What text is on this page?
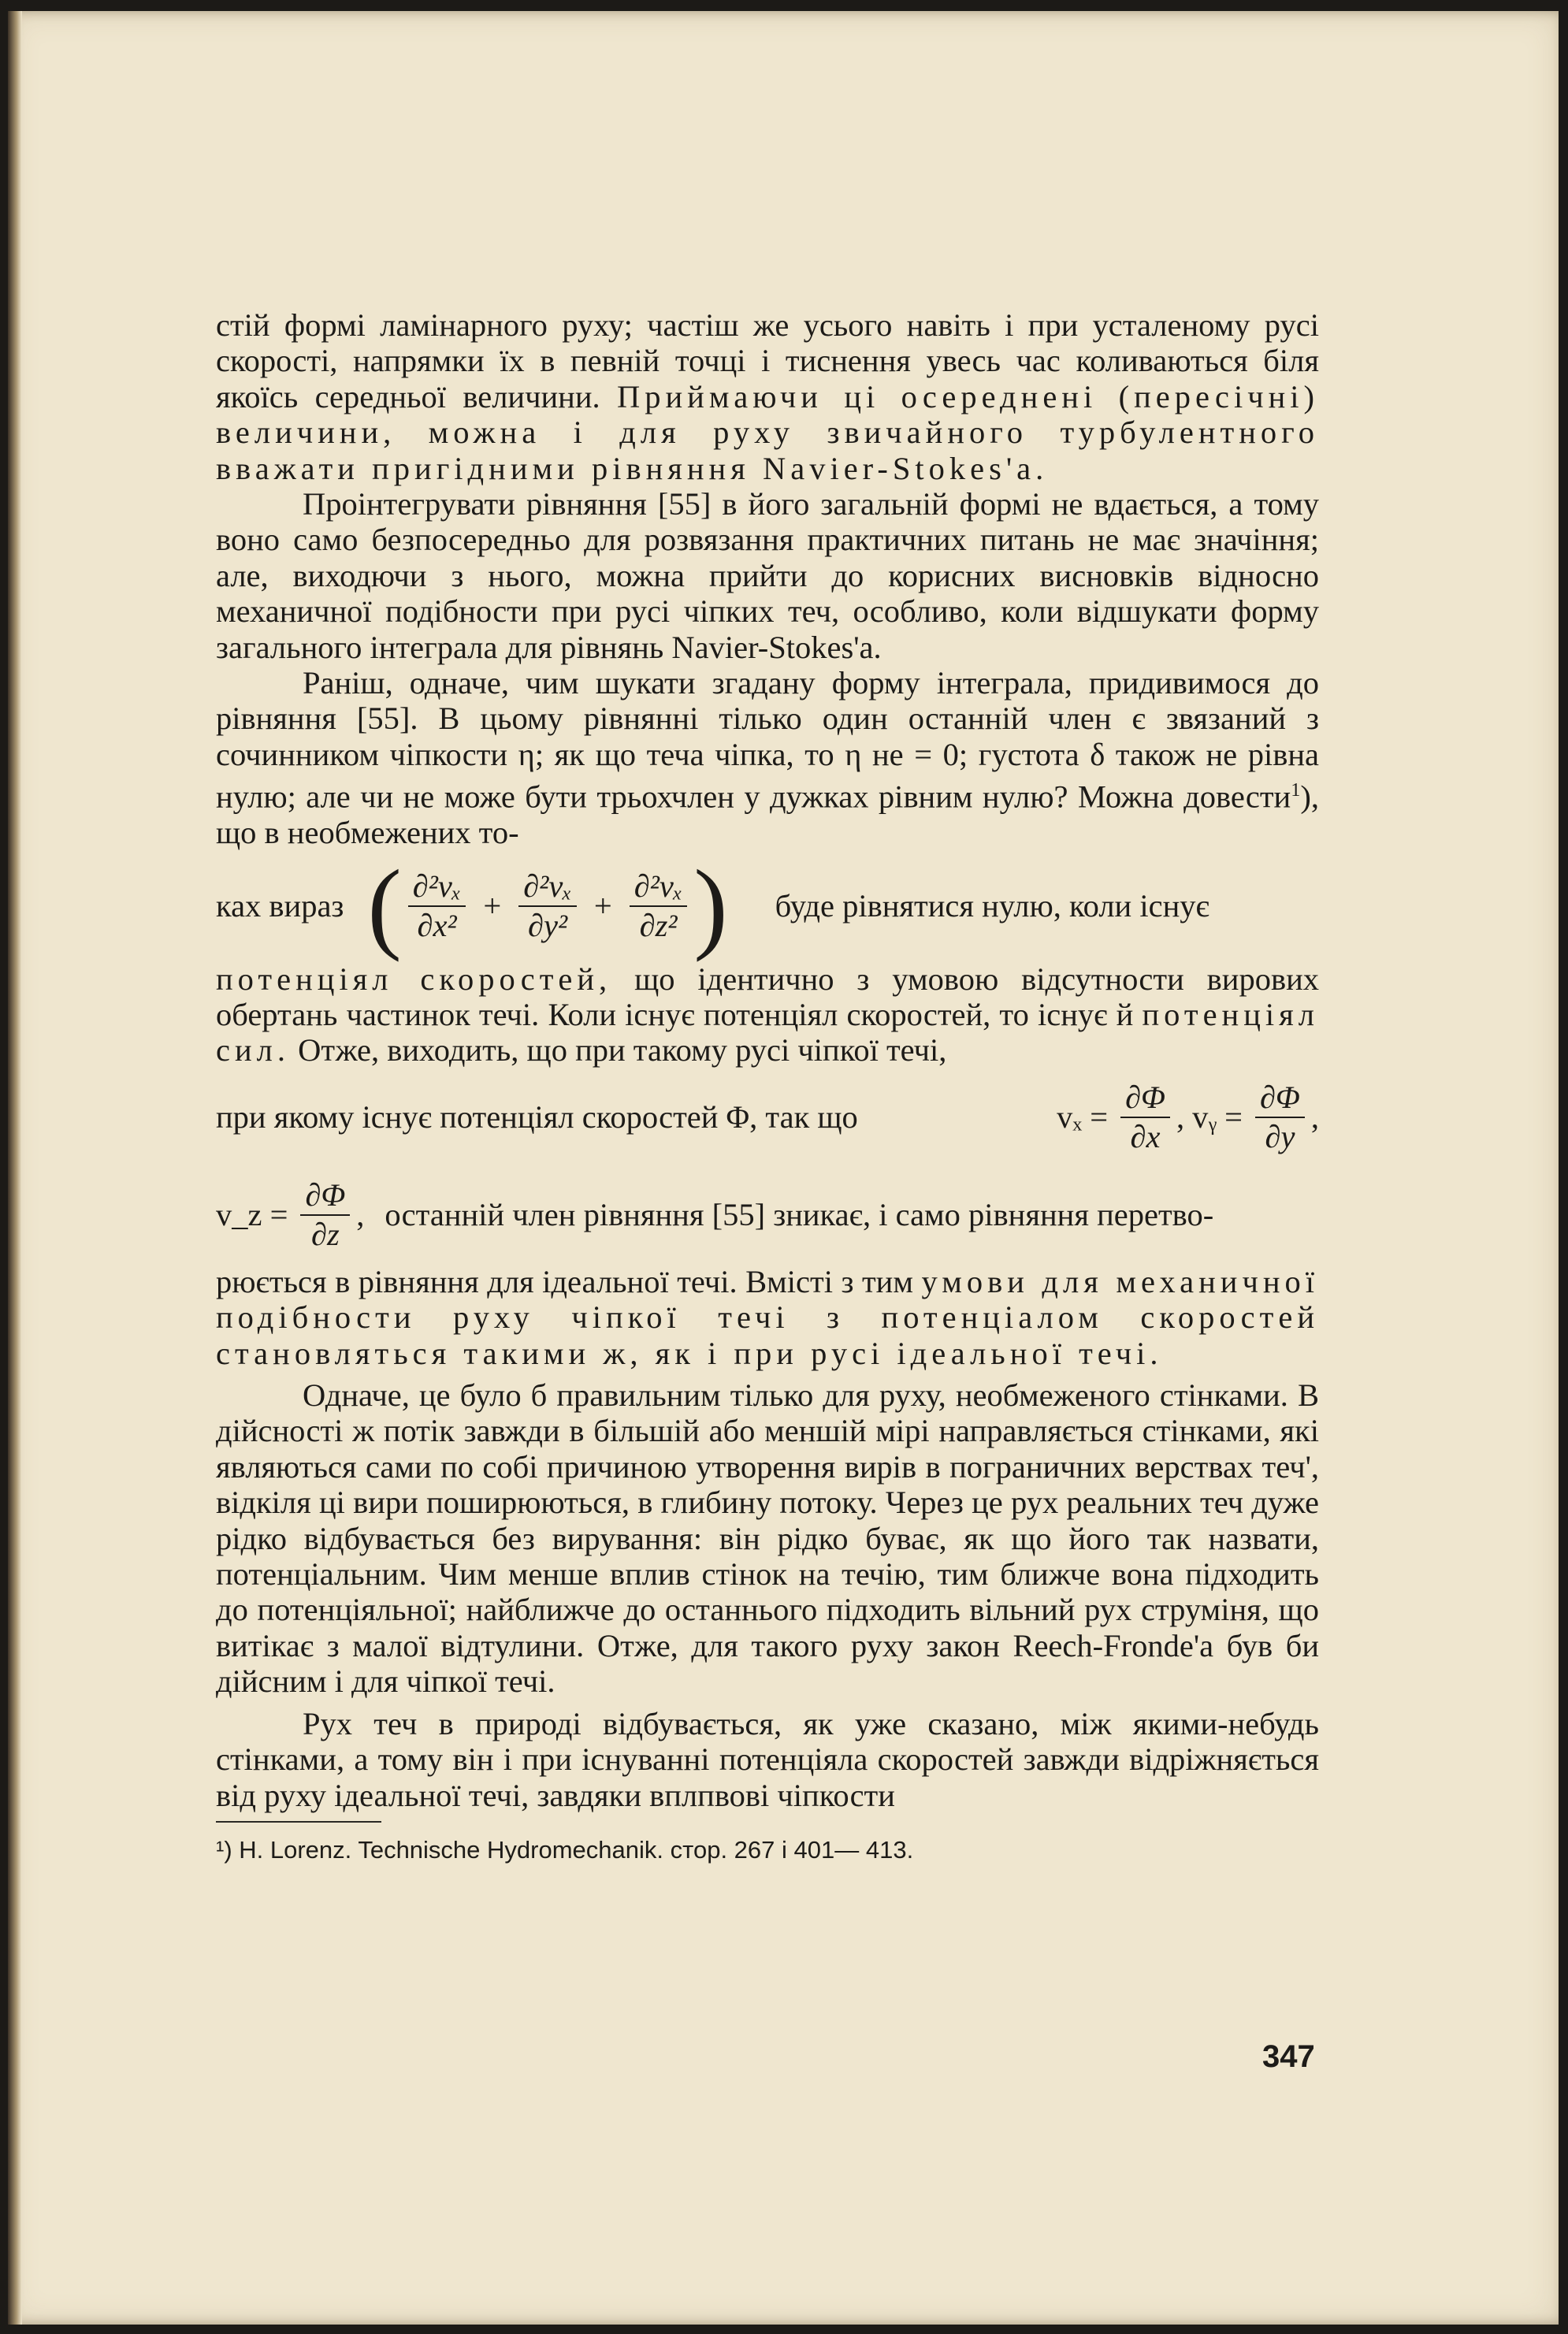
стій формі ламінарного руху; частіш же усього навіть і при усталеному русі скорості, напрямки їх в певній точці і тиснення увесь час коливаються біля якоїсь середньої величини. Приймаючи ці осереднені (пересічні) величини, можна і для руху звичайного турбулентного вважати пригідними рівняння Navier-Stokes'а.

Проінтегрувати рівняння [55] в його загальній формі не вдається, а тому воно само безпосередньо для розвязання практичних питань не має значіння; але, виходючи з нього, можна прийти до корисних висновків відносно механичної подібности при русі чіпких теч, особливо, коли відшукати форму загального інтеграла для рівнянь Navier-Stokes'а.

Раніш, одначе, чим шукати згадану форму інтеграла, придивимося до рівняння [55]. В цьому рівнянні тілько один останній член є звязаний з сочинником чіпкости η; як що теча чіпка, то η не = 0; густота δ також не рівна нулю; але чи не може бути трьохчлен у дужках рівним нулю? Можна довести$^1$), що в необмежених то-

ках вираз ( $\frac{\text{∂²vₓ}}{\text{∂x²}} + \frac{\text{∂²vₓ}}{\text{∂y²}} + \frac{\text{∂²vₓ}}{\text{∂z²}}$ ) буде рівнятися нулю, коли існує

потенціял скоростей, що ідентично з умовою відсутности вирових обертань частинок течі. Коли існує потенціял скоростей, то існує й потенціял сил. Отже, виходить, що при такому русі чіпкої течі,

при якому існує потенціял скоростей Φ, так що	$v_x = \frac{\partial\Phi}{\partial x}$ , vᵧ = $\frac{\partial\Phi}{\partial y}$ ,
v_z = $\frac{\partial\Phi}{\partial z}$ , останній член рівняння [55] зникає, і само рівняння перетво-

рюється в рівняння для ідеальної течі. Вмісті з тим умови для механичної подібности руху чіпкої течі з потенціалом скоростей становляться такими ж, як і при русі ідеальної течі.

Одначе, це було б правильним тілько для руху, необмеженого стінками. В дійсності ж потік завжди в більшій або меншій мірі направляється стінками, які являються сами по собі причиною утворення вирів в пограничних верствах теч', відкіля ці вири поширюються, в глибину потоку. Через це рух реальних теч дуже рідко відбувається без вирування: він рідко буває, як що його так назвати, потенціальним. Чим менше вплив стінок на течію, тим ближче вона підходить до потенціяльної; найближче до останнього підходить вільний рух струміня, що витікає з малої відтулини. Отже, для такого руху закон Reech-Fronde'а був би дійсним і для чіпкої течі.

Рух теч в природі відбувається, як уже сказано, між якими-небудь стінками, а тому він і при існуванні потенціяла скоростей завжди відріжняється від руху ідеальної течі, завдяки вплпвові чіпкости

¹) H. Lorenz. Technische Hydromechanik. стор. 267 і 401— 413.

347
